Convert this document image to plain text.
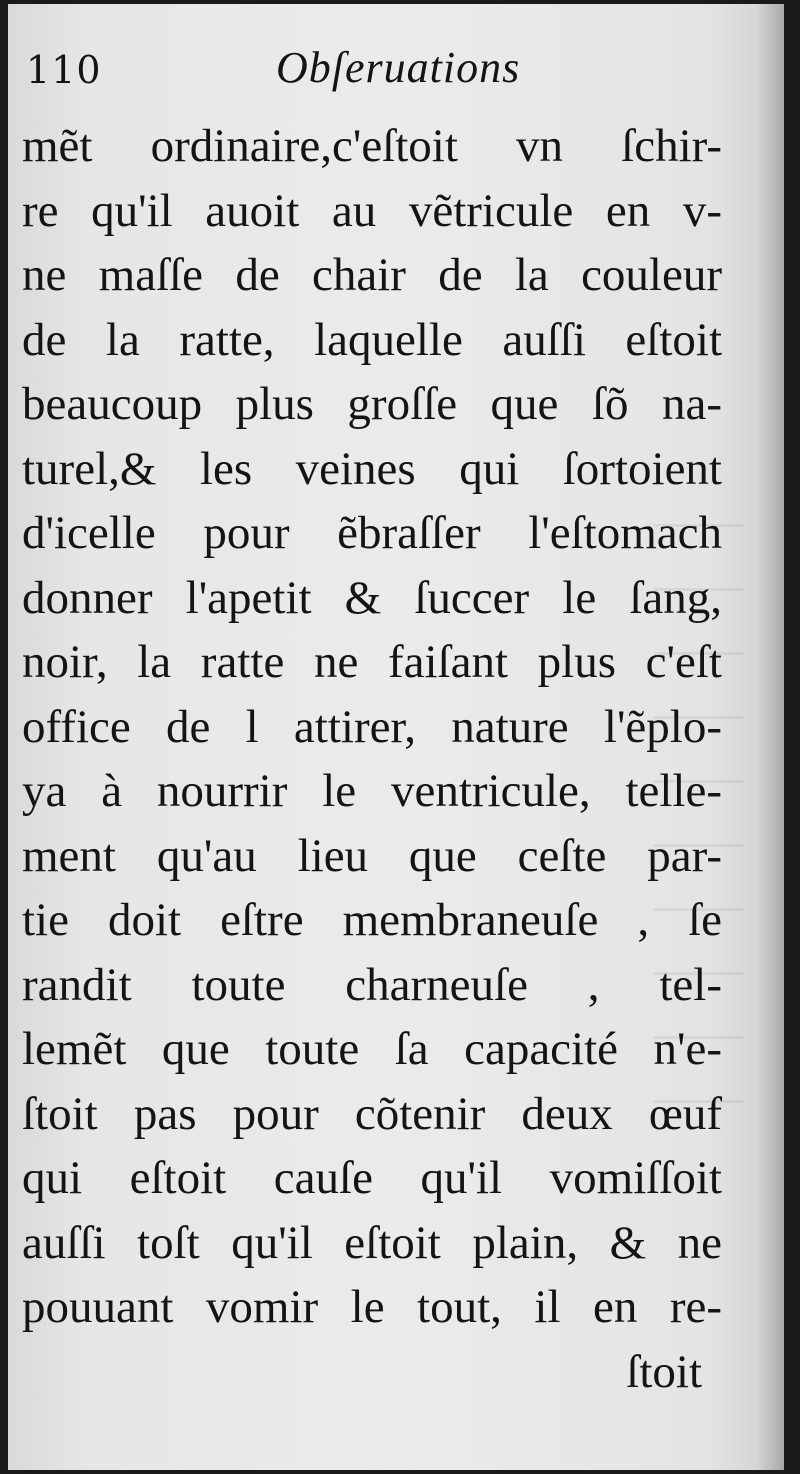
110	Obſeruations
mẽt ordinaire,c'eſtoit vn ſchir-
re qu'il auoit au vẽtricule en v-
ne maſſe de chair de la couleur
de la ratte, laquelle auſſi eſtoit
beaucoup plus groſſe que ſõ na-
turel,& les veines qui ſortoient
d'icelle pour ẽbraſſer l'eſtomach
donner l'apetit & ſuccer le ſang,
noir, la ratte ne faiſant plus c'eſt
office de l attirer, nature l'ẽplo-
ya à nourrir le ventricule, telle-
ment qu'au lieu que ceſte par-
tie doit eſtre membraneuſe , ſe
randit toute charneuſe , tel-
lemẽt que toute ſa capacité n'e-
ſtoit pas pour cõtenir deux œuf
qui eſtoit cauſe qu'il vomiſſoit
auſſi toſt qu'il eſtoit plain, & ne
pouuant vomir le tout, il en re-
ſtoit
